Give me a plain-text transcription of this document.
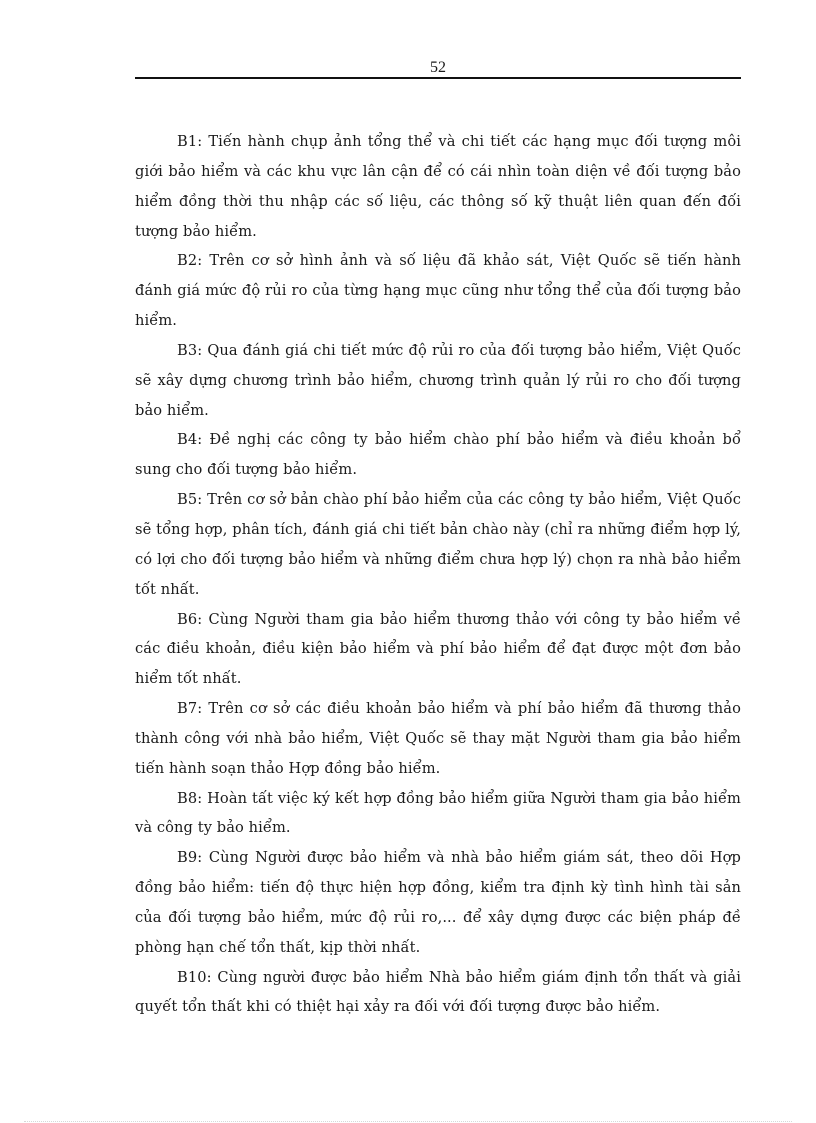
52

B1: Tiến hành chụp ảnh tổng thể và chi tiết các hạng mục đối tượng môi giới bảo hiểm và các khu vực lân cận để có cái nhìn toàn diện về đối tượng bảo hiểm đồng thời thu nhập các số liệu, các thông số kỹ thuật liên quan đến đối tượng bảo hiểm.

B2: Trên cơ sở hình ảnh và số liệu đã khảo sát, Việt Quốc sẽ tiến hành đánh giá mức độ rủi ro của từng hạng mục cũng như tổng thể của đối tượng bảo hiểm.

B3: Qua đánh giá chi tiết mức độ rủi ro của đối tượng bảo hiểm, Việt Quốc sẽ xây dựng chương trình bảo hiểm, chương trình quản lý rủi ro cho đối tượng bảo hiểm.

B4: Đề nghị các công ty bảo hiểm chào phí bảo hiểm và điều khoản bổ sung cho đối tượng bảo hiểm.

B5: Trên cơ sở bản chào phí bảo hiểm của các công ty bảo hiểm, Việt Quốc sẽ tổng hợp, phân tích, đánh giá chi tiết bản chào này (chỉ ra những điểm hợp lý, có lợi cho đối tượng bảo hiểm và những điểm chưa hợp lý) chọn ra nhà bảo hiểm tốt nhất.

B6: Cùng Người tham gia bảo hiểm thương thảo với công ty bảo hiểm về các điều khoản, điều kiện bảo hiểm và phí bảo hiểm để đạt được một đơn bảo hiểm tốt nhất.

B7: Trên cơ sở các điều khoản bảo hiểm và phí bảo hiểm đã thương thảo thành công với nhà bảo hiểm, Việt Quốc sẽ thay mặt Người tham gia bảo hiểm tiến hành soạn thảo Hợp đồng bảo hiểm.

B8: Hoàn tất việc ký kết hợp đồng bảo hiểm giữa Người tham gia bảo hiểm và công ty bảo hiểm.

B9: Cùng Người được bảo hiểm và nhà bảo hiểm giám sát, theo dõi Hợp đồng bảo hiểm: tiến độ thực hiện hợp đồng, kiểm tra định kỳ tình hình tài sản của đối tượng bảo hiểm, mức độ rủi ro,... để xây dựng được các biện pháp đề phòng hạn chế tổn thất, kịp thời nhất.

B10: Cùng người được bảo hiểm Nhà bảo hiểm giám định tổn thất và giải quyết tổn thất khi có thiệt hại xảy ra đối với đối tượng được bảo hiểm.
